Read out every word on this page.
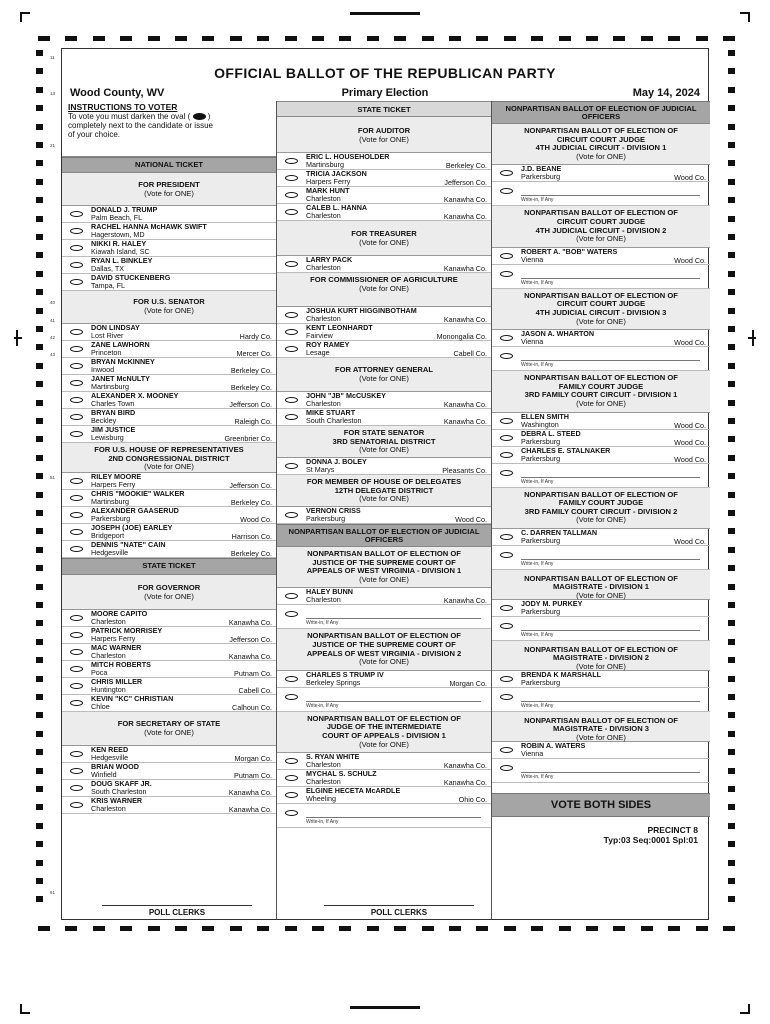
OFFICIAL BALLOT OF THE REPUBLICAN PARTY
Wood County, WV	Primary Election	May 14, 2024
INSTRUCTIONS TO VOTER
To vote you must darken the oval ( )
completely next to the candidate or issue
of your choice.
NATIONAL TICKET
FOR PRESIDENT
(Vote for ONE)
DONALD J. TRUMP
Palm Beach, FL
RACHEL HANNA McHAWK SWIFT
Hagerstown, MD
NIKKI R. HALEY
Kiawah Island, SC
RYAN L. BINKLEY
Dallas, TX
DAVID STUCKENBERG
Tampa, FL
FOR U.S. SENATOR
(Vote for ONE)
DON LINDSAY
Lost River	Hardy Co.
ZANE LAWHORN
Princeton	Mercer Co.
BRYAN McKINNEY
Inwood	Berkeley Co.
JANET McNULTY
Martinsburg	Berkeley Co.
ALEXANDER X. MOONEY
Charles Town	Jefferson Co.
BRYAN BIRD
Beckley	Raleigh Co.
JIM JUSTICE
Lewisburg	Greenbrier Co.
FOR U.S. HOUSE OF REPRESENTATIVES
2ND CONGRESSIONAL DISTRICT
(Vote for ONE)
RILEY MOORE
Harpers Ferry	Jefferson Co.
CHRIS "MOOKIE" WALKER
Martinsburg	Berkeley Co.
ALEXANDER GAASERUD
Parkersburg	Wood Co.
JOSEPH (JOE) EARLEY
Bridgeport	Harrison Co.
DENNIS "NATE" CAIN
Hedgesville	Berkeley Co.
STATE TICKET
FOR GOVERNOR
(Vote for ONE)
MOORE CAPITO
Charleston	Kanawha Co.
PATRICK MORRISEY
Harpers Ferry	Jefferson Co.
MAC WARNER
Charleston	Kanawha Co.
MITCH ROBERTS
Poca	Putnam Co.
CHRIS MILLER
Huntington	Cabell Co.
KEVIN "KC" CHRISTIAN
Chloe	Calhoun Co.
FOR SECRETARY OF STATE
(Vote for ONE)
KEN REED
Hedgesville	Morgan Co.
BRIAN WOOD
Winfield	Putnam Co.
DOUG SKAFF JR.
South Charleston	Kanawha Co.
KRIS WARNER
Charleston	Kanawha Co.
STATE TICKET
FOR AUDITOR
(Vote for ONE)
ERIC L. HOUSEHOLDER
Martinsburg	Berkeley Co.
TRICIA JACKSON
Harpers Ferry	Jefferson Co.
MARK HUNT
Charleston	Kanawha Co.
CALEB L. HANNA
Charleston	Kanawha Co.
FOR TREASURER
(Vote for ONE)
LARRY PACK
Charleston	Kanawha Co.
FOR COMMISSIONER OF AGRICULTURE
(Vote for ONE)
JOSHUA KURT HIGGINBOTHAM
Charleston	Kanawha Co.
KENT LEONHARDT
Fairview	Monongalia Co.
ROY RAMEY
Lesage	Cabell Co.
FOR ATTORNEY GENERAL
(Vote for ONE)
JOHN "JB" McCUSKEY
Charleston	Kanawha Co.
MIKE STUART
South Charleston	Kanawha Co.
FOR STATE SENATOR
3RD SENATORIAL DISTRICT
(Vote for ONE)
DONNA J. BOLEY
St Marys	Pleasants Co.
FOR MEMBER OF HOUSE OF DELEGATES
12TH DELEGATE DISTRICT
(Vote for ONE)
VERNON CRISS
Parkersburg	Wood Co.
NONPARTISAN BALLOT OF ELECTION OF JUDICIAL OFFICERS
NONPARTISAN BALLOT OF ELECTION OF
JUSTICE OF THE SUPREME COURT OF
APPEALS OF WEST VIRGINIA - DIVISION 1
(Vote for ONE)
HALEY BUNN
Charleston	Kanawha Co.
Write-in, If Any
NONPARTISAN BALLOT OF ELECTION OF
JUSTICE OF THE SUPREME COURT OF
APPEALS OF WEST VIRGINIA - DIVISION 2
(Vote for ONE)
CHARLES S TRUMP IV
Berkeley Springs	Morgan Co.
Write-in, If Any
NONPARTISAN BALLOT OF ELECTION OF
JUDGE OF THE INTERMEDIATE
COURT OF APPEALS - DIVISION 1
(Vote for ONE)
S. RYAN WHITE
Charleston	Kanawha Co.
MYCHAL S. SCHULZ
Charleston	Kanawha Co.
ELGINE HECETA McARDLE
Wheeling	Ohio Co.
Write-in, If Any
NONPARTISAN BALLOT OF ELECTION OF JUDICIAL OFFICERS
NONPARTISAN BALLOT OF ELECTION OF
CIRCUIT COURT JUDGE
4TH JUDICIAL CIRCUIT - DIVISION 1
(Vote for ONE)
J.D. BEANE
Parkersburg	Wood Co.
Write-in, If Any
NONPARTISAN BALLOT OF ELECTION OF
CIRCUIT COURT JUDGE
4TH JUDICIAL CIRCUIT - DIVISION 2
(Vote for ONE)
ROBERT A. "BOB" WATERS
Vienna	Wood Co.
Write-in, If Any
NONPARTISAN BALLOT OF ELECTION OF
CIRCUIT COURT JUDGE
4TH JUDICIAL CIRCUIT - DIVISION 3
(Vote for ONE)
JASON A. WHARTON
Vienna	Wood Co.
Write-in, If Any
NONPARTISAN BALLOT OF ELECTION OF
FAMILY COURT JUDGE
3RD FAMILY COURT CIRCUIT - DIVISION 1
(Vote for ONE)
ELLEN SMITH
Washington	Wood Co.
DEBRA L. STEED
Parkersburg	Wood Co.
CHARLES E. STALNAKER
Parkersburg	Wood Co.
Write-in, If Any
NONPARTISAN BALLOT OF ELECTION OF
FAMILY COURT JUDGE
3RD FAMILY COURT CIRCUIT - DIVISION 2
(Vote for ONE)
C. DARREN TALLMAN
Parkersburg	Wood Co.
Write-in, If Any
NONPARTISAN BALLOT OF ELECTION OF
MAGISTRATE - DIVISION 1
(Vote for ONE)
JODY M. PURKEY
Parkersburg
Write-in, If Any
NONPARTISAN BALLOT OF ELECTION OF
MAGISTRATE - DIVISION 2
(Vote for ONE)
BRENDA K MARSHALL
Parkersburg
Write-in, If Any
NONPARTISAN BALLOT OF ELECTION OF
MAGISTRATE - DIVISION 3
(Vote for ONE)
ROBIN A. WATERS
Vienna
Write-in, If Any
VOTE BOTH SIDES
PRECINCT 8
Typ:03 Seq:0001 Spl:01
POLL CLERKS	POLL CLERKS
11
13
21
40
41
42
43
51
61
